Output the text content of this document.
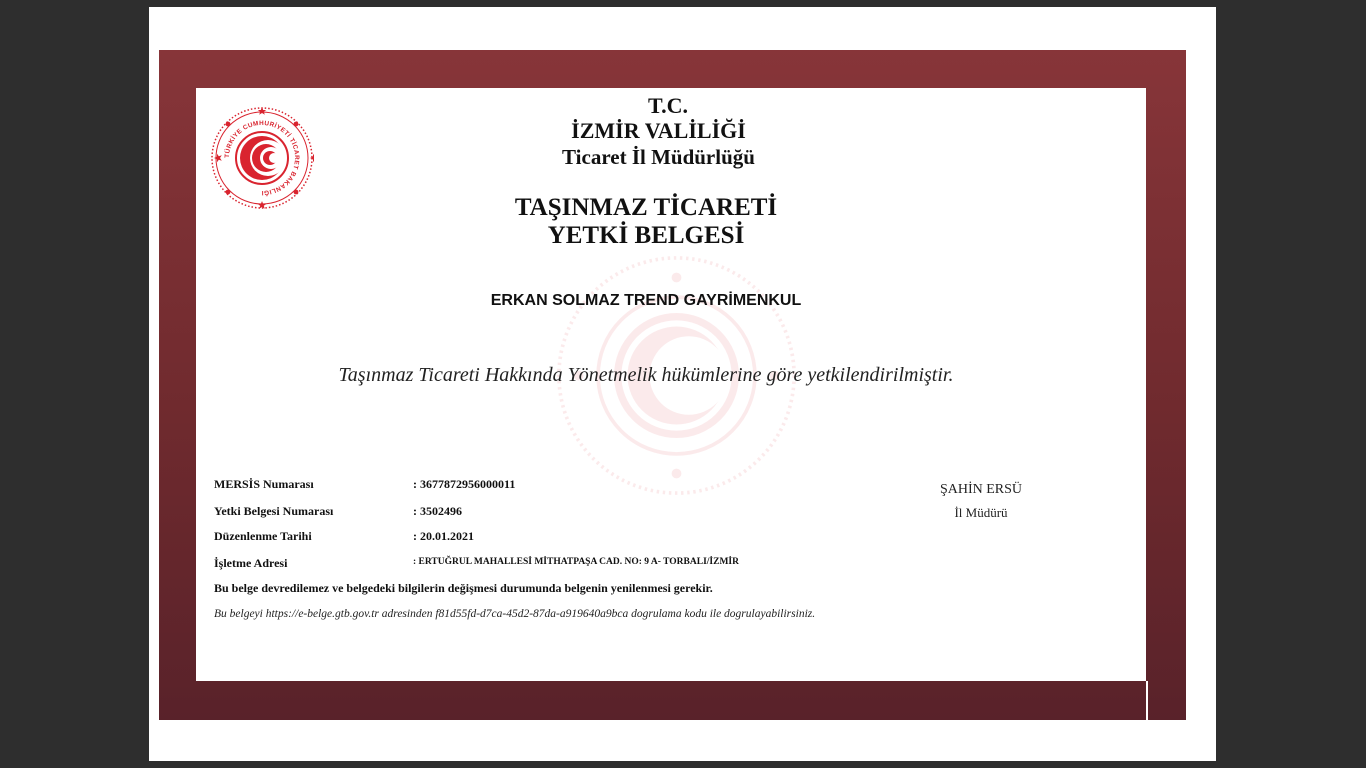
TÜRKİYE CUMHURİYETİ TİCARET BAKANLIĞI
T.C.
İZMİR VALİLİĞİ
Ticaret İl Müdürlüğü
TAŞINMAZ TİCARETİ
YETKİ BELGESİ
ERKAN SOLMAZ TREND GAYRİMENKUL
Taşınmaz Ticareti Hakkında Yönetmelik hükümlerine göre yetkilendirilmiştir.
MERSİS Numarası	: 3677872956000011
Yetki Belgesi Numarası	: 3502496
Düzenlenme Tarihi	: 20.01.2021
İşletme Adresi	: ERTUĞRUL MAHALLESİ MİTHATPAŞA CAD. NO: 9 A- TORBALI/İZMİR
Bu belge devredilemez ve belgedeki bilgilerin değişmesi durumunda belgenin yenilenmesi gerekir.
Bu belgeyi https://e-belge.gtb.gov.tr adresinden f81d55fd-d7ca-45d2-87da-a919640a9bca dogrulama kodu ile dogrulayabilirsiniz.
ŞAHİN ERSÜ
İl Müdürü
